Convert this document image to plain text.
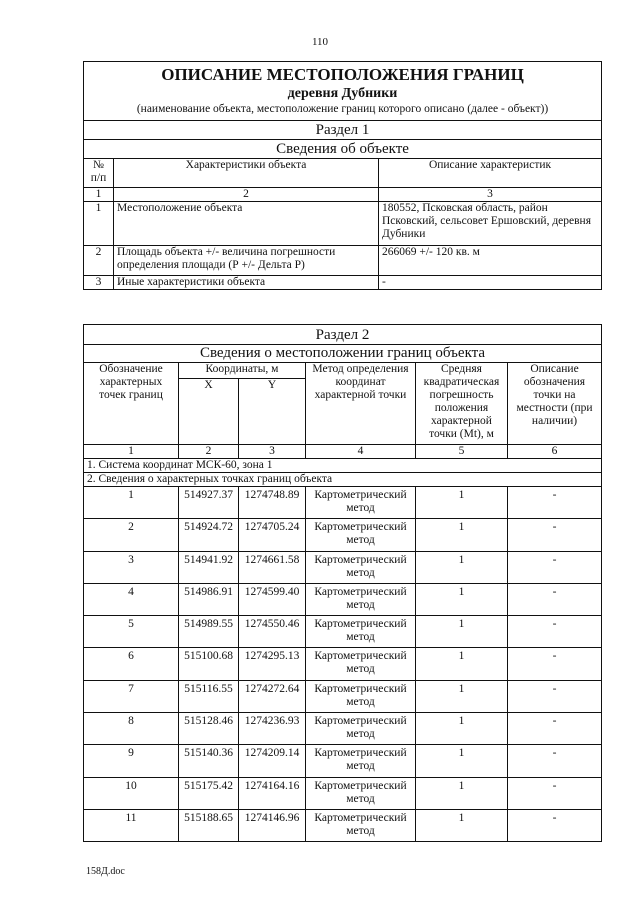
110
ОПИСАНИЕ МЕСТОПОЛОЖЕНИЯ ГРАНИЦ
деревня Дубники
(наименование объекта, местоположение границ которого описано (далее - объект))		

Раздел 1		
Сведения об объекте		
№ п/п	Характеристики объекта	Описание характеристик
1	2	3
1	Местоположение объекта	180552, Псковская область, район Псковский, сельсовет Ершовский, деревня Дубники
2	Площадь объекта +/- величина погрешности определения площади (Р +/- Дельта Р)	266069 +/- 120 кв. м
3	Иные характеристики объекта	-
Раздел 2					
Сведения о местоположении границ объекта					
Обозначение характерных точек границ	Координаты, м		Метод определения координат характерной точки	Средняя квадратическая погрешность положения характерной точки (Mt), м	Описание обозначения точки на местности (при наличии)
	X	Y			
1	2	3	4	5	6
1. Система координат МСК-60, зона 1					
2. Сведения о характерных точках границ объекта					
1	514927.37	1274748.89	Картометрический метод	1	-
2	514924.72	1274705.24	Картометрический метод	1	-
3	514941.92	1274661.58	Картометрический метод	1	-
4	514986.91	1274599.40	Картометрический метод	1	-
5	514989.55	1274550.46	Картометрический метод	1	-
6	515100.68	1274295.13	Картометрический метод	1	-
7	515116.55	1274272.64	Картометрический метод	1	-
8	515128.46	1274236.93	Картометрический метод	1	-
9	515140.36	1274209.14	Картометрический метод	1	-
10	515175.42	1274164.16	Картометрический метод	1	-
11	515188.65	1274146.96	Картометрический метод	1	-
158Д.doc
